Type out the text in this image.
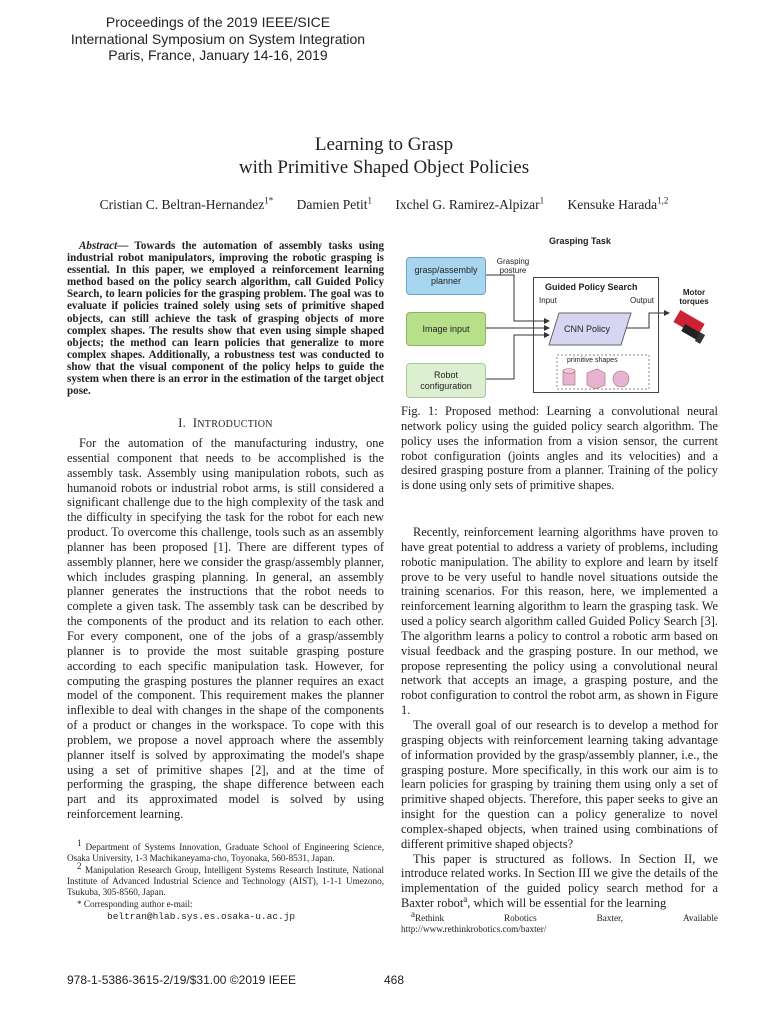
Proceedings of the 2019 IEEE/SICE
International Symposium on System Integration
Paris, France, January 14-16, 2019
Learning to Grasp
with Primitive Shaped Object Policies
Cristian C. Beltran-Hernandez$^{1*}$ Damien Petit$^1$ Ixchel G. Ramirez-Alpizar$^1$ Kensuke Harada$^{1,2}$

Abstract— Towards the automation of assembly tasks using industrial robot manipulators, improving the robotic grasping is essential. In this paper, we employed a reinforcement learning method based on the policy search algorithm, call Guided Policy Search, to learn policies for the grasping problem. The goal was to evaluate if policies trained solely using sets of primitive shaped objects, can still achieve the task of grasping objects of more complex shapes. The results show that even using simple shaped objects; the method can learn policies that generalize to more complex shapes. Additionally, a robustness test was conducted to show that the visual component of the policy helps to guide the system when there is an error in the estimation of the target object pose.

I. INTRODUCTION

For the automation of the manufacturing industry, one essential component that needs to be accomplished is the assembly task. Assembly using manipulation robots, such as humanoid robots or industrial robot arms, is still considered a significant challenge due to the high complexity of the task and the difficulty in specifying the task for the robot for each new product. To overcome this challenge, tools such as an assembly planner has been proposed [1]. There are different types of assembly planner, here we consider the grasp/assembly planner, which includes grasping planning. In general, an assembly planner generates the instructions that the robot needs to complete a given task. The assembly task can be described by the components of the product and its relation to each other. For every component, one of the jobs of a grasp/assembly planner is to provide the most suitable grasping posture according to each specific manipulation task. However, for computing the grasping postures the planner requires an exact model of the component. This requirement makes the planner inflexible to deal with changes in the shape of the components of a product or changes in the workspace. To cope with this problem, we propose a novel approach where the assembly planner itself is solved by approximating the model's shape using a set of primitive shapes [2], and at the time of performing the grasping, the shape difference between each part and its approximated model is solved by using reinforcement learning.

$^1$ Department of Systems Innovation, Graduate School of Engineering Science, Osaka University, 1-3 Machikaneyama-cho, Toyonaka, 560-8531, Japan.

$^2$ Manipulation Research Group, Intelligent Systems Research Institute, National Institute of Advanced Industrial Science and Technology (AIST), 1-1-1 Umezono, Tsukuba, 305-8560, Japan.

* Corresponding author e-mail:

beltran@hlab.sys.es.osaka-u.ac.jp
Grasping Task
grasp/assembly planner
Image input
Robot configuration
Grasping posture
Guided Policy Search
Input	Output
CNN Policy
primitive shapes
Motor torques
Fig. 1: Proposed method: Learning a convolutional neural network policy using the guided policy search algorithm. The policy uses the information from a vision sensor, the current robot configuration (joints angles and its velocities) and a desired grasping posture from a planner. Training of the policy is done using only sets of primitive shapes.

Recently, reinforcement learning algorithms have proven to have great potential to address a variety of problems, including robotic manipulation. The ability to explore and learn by itself prove to be very useful to handle novel situations outside the training scenarios. For this reason, here, we implemented a reinforcement learning algorithm to learn the grasping task. We used a policy search algorithm called Guided Policy Search [3]. The algorithm learns a policy to control a robotic arm based on visual feedback and the grasping posture. In our method, we propose representing the policy using a convolutional neural network that accepts an image, a grasping posture, and the robot configuration to control the robot arm, as shown in Figure 1.

The overall goal of our research is to develop a method for grasping objects with reinforcement learning taking advantage of information provided by the grasp/assembly planner, i.e., the grasping posture. More specifically, in this work our aim is to learn policies for grasping by training them using only a set of primitive shaped objects. Therefore, this paper seeks to give an insight for the question can a policy generalize to novel complex-shaped objects, when trained using combinations of different primitive shaped objects?

This paper is structured as follows. In Section II, we introduce related works. In Section III we give the details of the implementation of the guided policy search method for a Baxter robot$^a$, which will be essential for the learning

$^a$Rethink	Robotics	Baxter,	Available
http://www.rethinkrobotics.com/baxter/
978-1-5386-3615-2/19/$31.00 ©2019 IEEE	468
